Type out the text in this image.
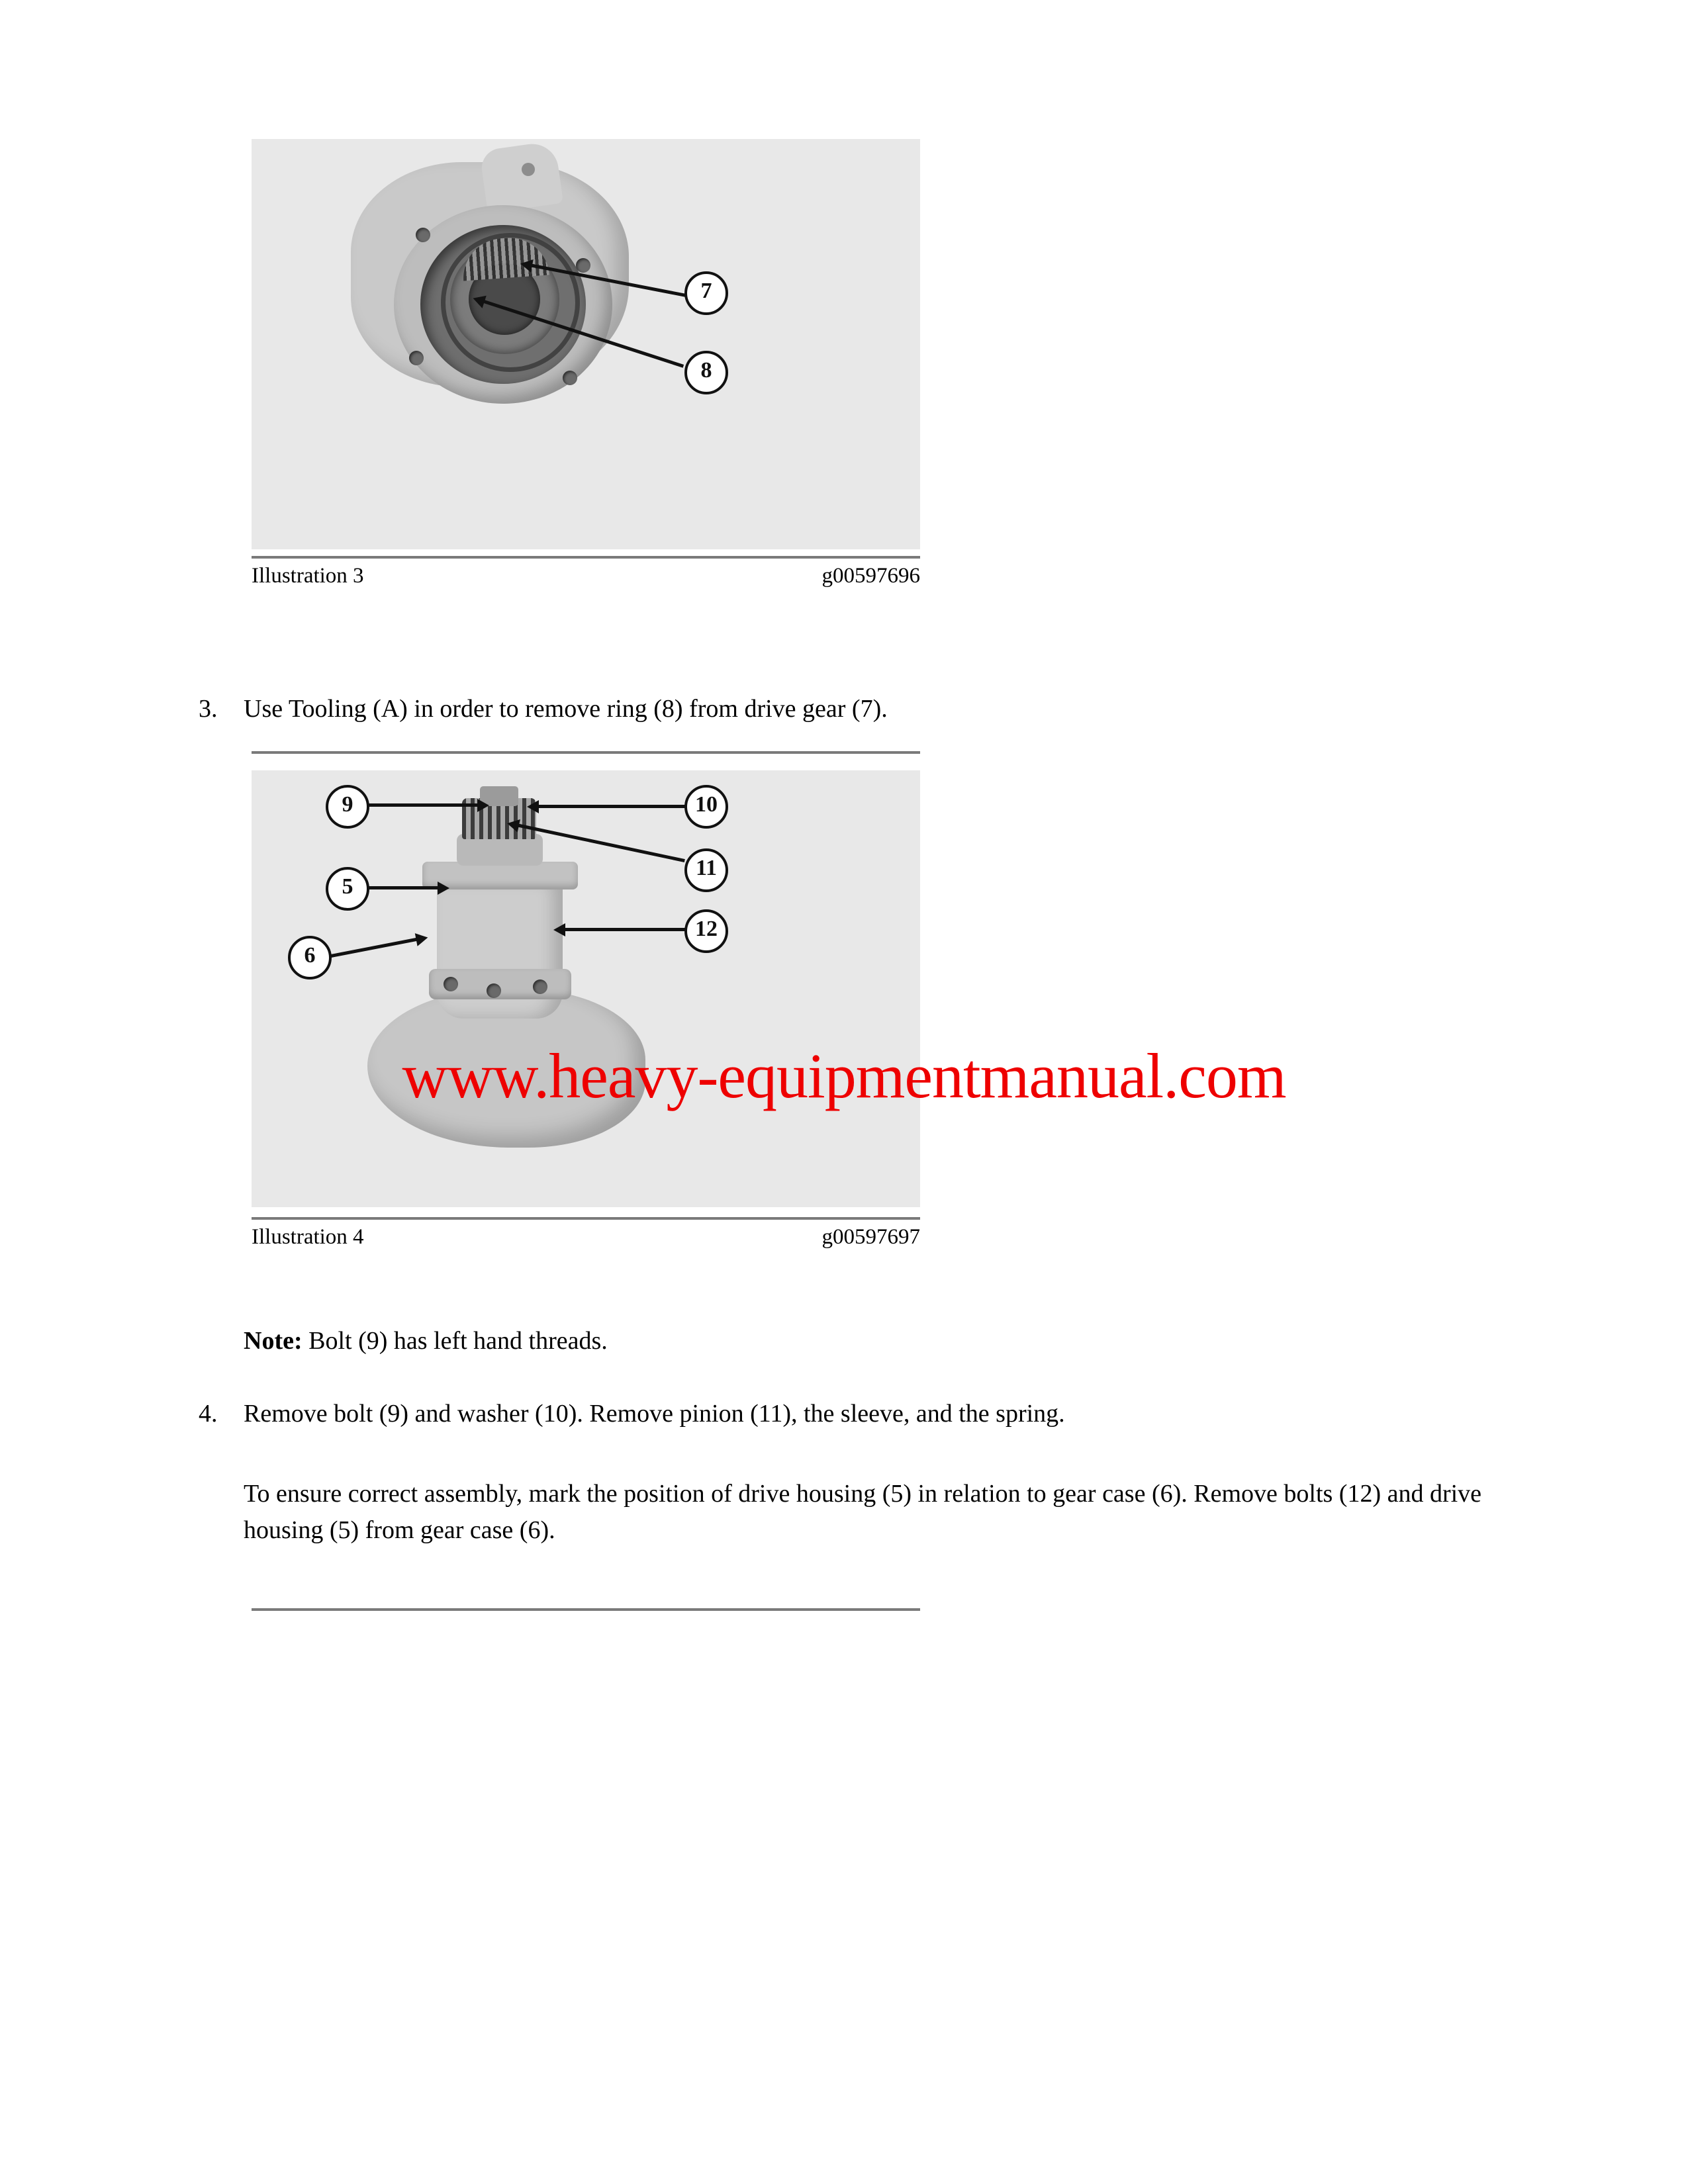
7
8
Illustration 3	g00597696
3. Use Tooling (A) in order to remove ring (8) from drive gear (7).
9	10
11
5
12
6
Illustration 4	g00597697
Note: Bolt (9) has left hand threads.
4. Remove bolt (9) and washer (10). Remove pinion (11), the sleeve, and the spring.
To ensure correct assembly, mark the position of drive housing (5) in relation to gear case (6). Remove bolts (12) and drive housing (5) from gear case (6).
www.heavy-equipmentmanual.com
